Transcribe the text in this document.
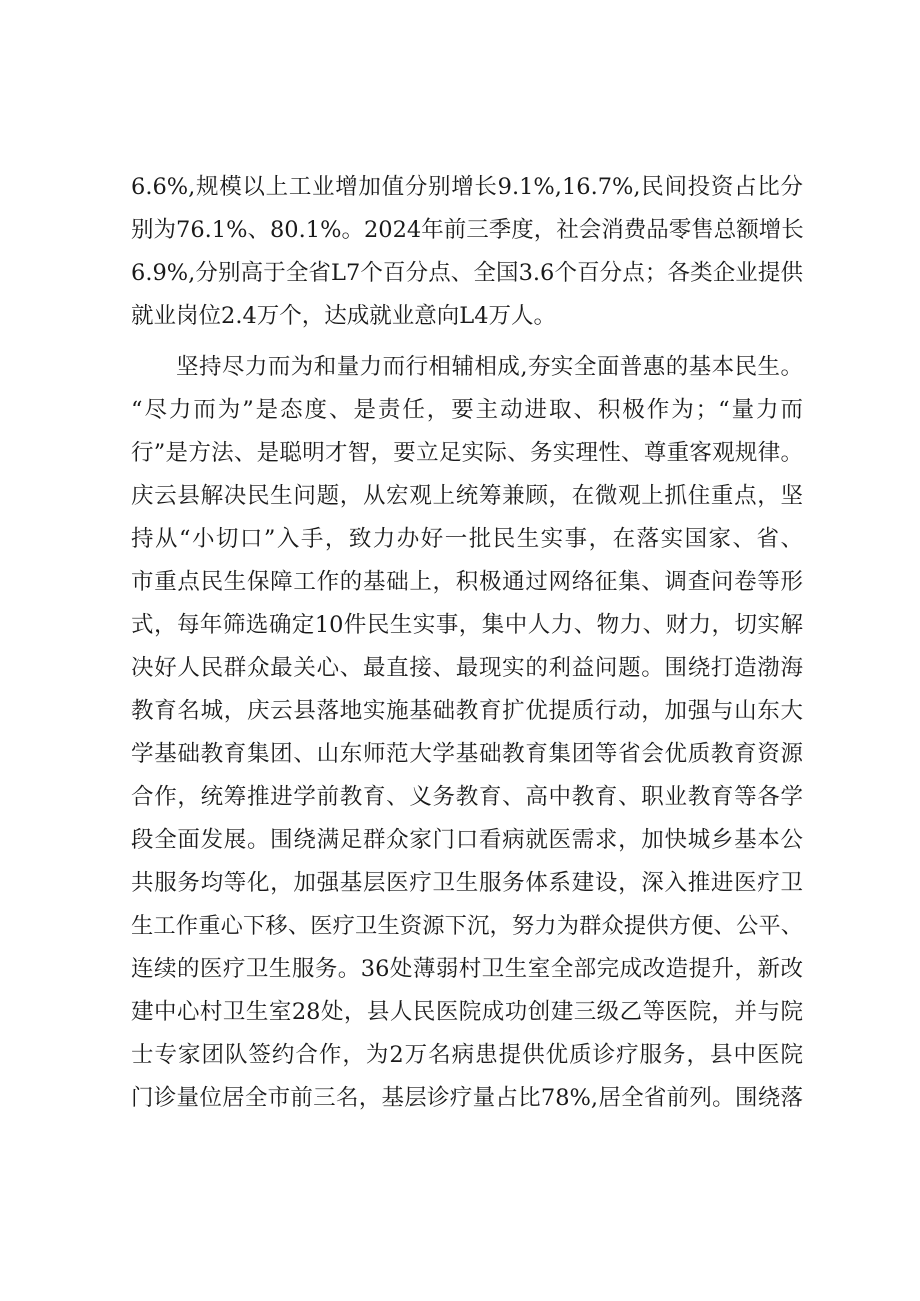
6.6%,规模以上工业增加值分别增长9.1%,16.7%,民间投资占比分
别为76.1%、80.1%。2024年前三季度，社会消费品零售总额增长
6.9%,分别高于全省L7个百分点、全国3.6个百分点；各类企业提供
就业岗位2.4万个，达成就业意向L4万人。
坚持尽力而为和量力而行相辅相成,夯实全面普惠的基本民生。
“尽力而为”是态度、是责任，要主动进取、积极作为；“量力而
行”是方法、是聪明才智，要立足实际、务实理性、尊重客观规律。
庆云县解决民生问题，从宏观上统筹兼顾，在微观上抓住重点，坚
持从“小切口”入手，致力办好一批民生实事，在落实国家、省、
市重点民生保障工作的基础上，积极通过网络征集、调查问卷等形
式，每年筛选确定10件民生实事，集中人力、物力、财力，切实解
决好人民群众最关心、最直接、最现实的利益问题。围绕打造渤海
教育名城，庆云县落地实施基础教育扩优提质行动，加强与山东大
学基础教育集团、山东师范大学基础教育集团等省会优质教育资源
合作，统筹推进学前教育、义务教育、高中教育、职业教育等各学
段全面发展。围绕满足群众家门口看病就医需求，加快城乡基本公
共服务均等化，加强基层医疗卫生服务体系建设，深入推进医疗卫
生工作重心下移、医疗卫生资源下沉，努力为群众提供方便、公平、
连续的医疗卫生服务。36处薄弱村卫生室全部完成改造提升，新改
建中心村卫生室28处，县人民医院成功创建三级乙等医院，并与院
士专家团队签约合作，为2万名病患提供优质诊疗服务，县中医院
门诊量位居全市前三名，基层诊疗量占比78%,居全省前列。围绕落
